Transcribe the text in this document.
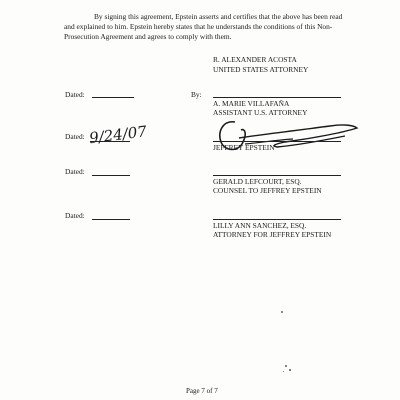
By signing this agreement, Epstein asserts and certifies that the above has been read
and explained to him. Epstein hereby states that he understands the conditions of this Non-
Prosecution Agreement and agrees to comply with them.
R. ALEXANDER ACOSTA
UNITED STATES ATTORNEY
Dated:	By:
A. MARIE VILLAFAÑA
ASSISTANT U.S. ATTORNEY
Dated: 9/24/07
JEFFREY EPSTEIN
Dated:
GERALD LEFCOURT, ESQ.
COUNSEL TO JEFFREY EPSTEIN
Dated:
LILLY ANN SANCHEZ, ESQ.
ATTORNEY FOR JEFFREY EPSTEIN
Page 7 of 7
